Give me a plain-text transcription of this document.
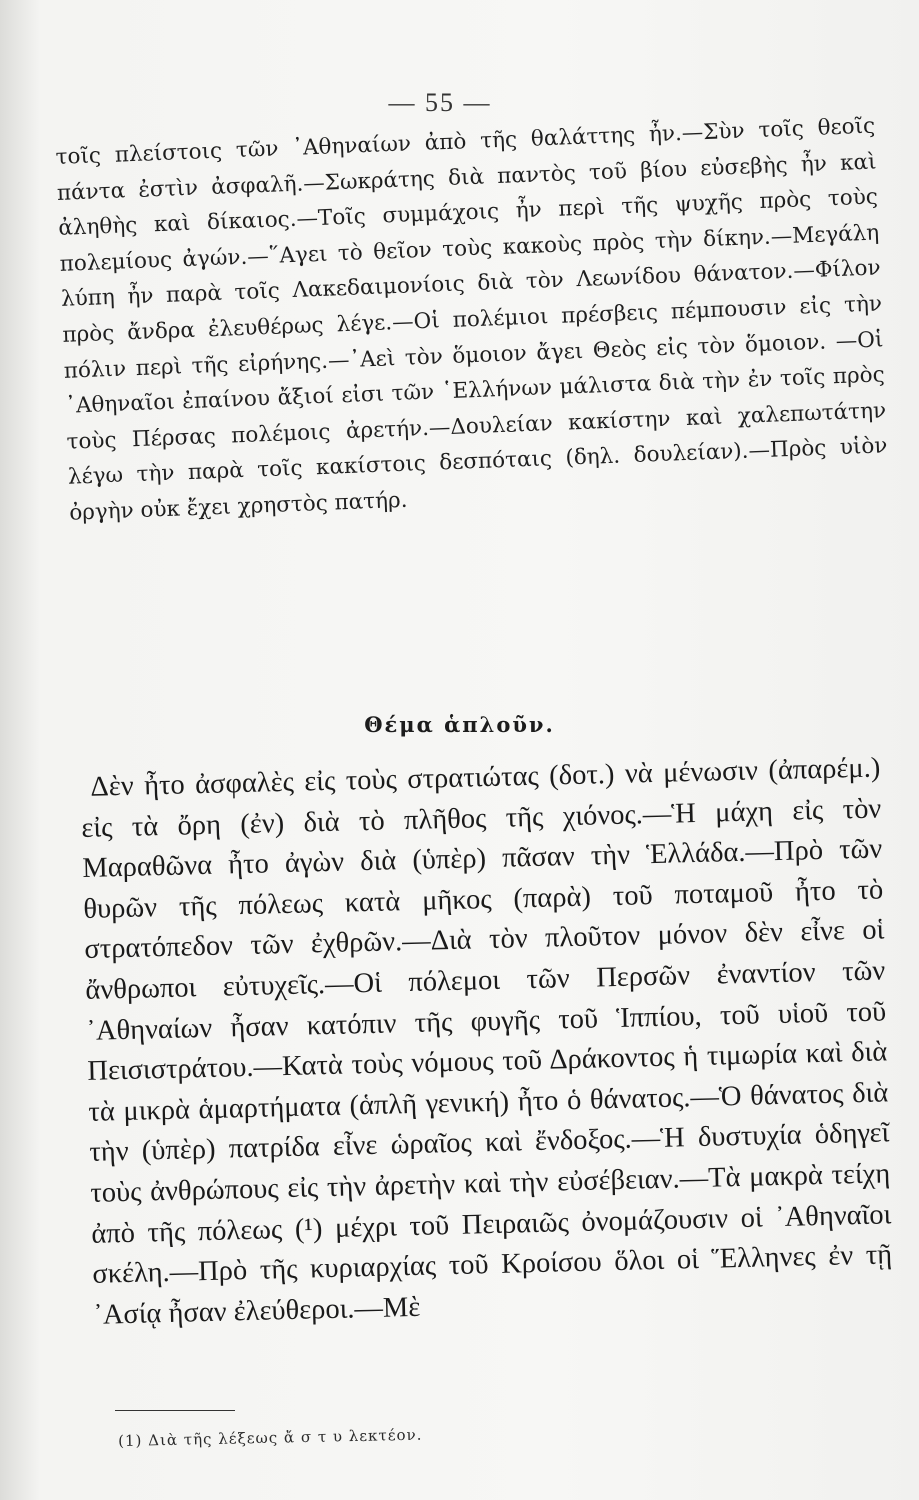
— 55 —

τοῖς πλείστοις τῶν ᾿Αθηναίων ἀπὸ τῆς θαλάττης ἦν.—Σὺν τοῖς θεοῖς πάντα ἐστὶν ἀσφαλῆ.—Σωκράτης διὰ παντὸς τοῦ βίου εὐσεβὴς ἦν καὶ ἀληθὴς καὶ δίκαιος.—Τοῖς συμμάχοις ἦν περὶ τῆς ψυχῆς πρὸς τοὺς πολεμίους ἀγών.—῞Αγει τὸ θεῖον τοὺς κακοὺς πρὸς τὴν δίκην.—Μεγάλη λύπη ἦν παρὰ τοῖς Λακεδαιμονίοις διὰ τὸν Λεωνίδου θάνατον.—Φίλον πρὸς ἄνδρα ἐλευθέρως λέγε.—Οἱ πολέμιοι πρέσβεις πέμπουσιν εἰς τὴν πόλιν περὶ τῆς εἰρήνης.—᾿Αεὶ τὸν ὅμοιον ἄγει Θεὸς εἰς τὸν ὅμοιον. —Οἱ ᾿Αθηναῖοι ἐπαίνου ἄξιοί εἰσι τῶν ῾Ελλήνων μάλιστα διὰ τὴν ἐν τοῖς πρὸς τοὺς Πέρσας πολέμοις ἀρετήν.—Δουλείαν κακίστην καὶ χαλεπωτάτην λέγω τὴν παρὰ τοῖς κακίστοις δεσπόταις (δηλ. δουλείαν).—Πρὸς υἱὸν ὀργὴν οὐκ ἔχει χρηστὸς πατήρ.

Θέμα ἁπλοῦν.

Δὲν ἦτο ἀσφαλὲς εἰς τοὺς στρατιώτας (δοτ.) νὰ μένωσιν (ἀπαρέμ.) εἰς τὰ ὄρη (ἐν) διὰ τὸ πλῆθος τῆς χιόνος.—Ἡ μάχη εἰς τὸν Μαραθῶνα ἦτο ἀγὼν διὰ (ὑπὲρ) πᾶσαν τὴν Ἑλλάδα.—Πρὸ τῶν θυρῶν τῆς πόλεως κατὰ μῆκος (παρὰ) τοῦ ποταμοῦ ἦτο τὸ στρατόπεδον τῶν ἐχθρῶν.—Διὰ τὸν πλοῦτον μόνον δὲν εἶνε οἱ ἄνθρωποι εὐτυχεῖς.—Οἱ πόλεμοι τῶν Περσῶν ἐναντίον τῶν ᾿Αθηναίων ἦσαν κατόπιν τῆς φυγῆς τοῦ Ἱππίου, τοῦ υἱοῦ τοῦ Πεισιστράτου.—Κατὰ τοὺς νόμους τοῦ Δράκοντος ἡ τιμωρία καὶ διὰ τὰ μικρὰ ἁμαρτήματα (ἁπλῆ γενική) ἦτο ὁ θάνατος.—Ὁ θάνατος διὰ τὴν (ὑπὲρ) πατρίδα εἶνε ὡραῖος καὶ ἔνδοξος.—Ἡ δυστυχία ὁδηγεῖ τοὺς ἀνθρώπους εἰς τὴν ἀρετὴν καὶ τὴν εὐσέβειαν.—Τὰ μακρὰ τείχη ἀπὸ τῆς πόλεως (¹) μέχρι τοῦ Πειραιῶς ὀνομάζουσιν οἱ ᾿Αθηναῖοι σκέλη.—Πρὸ τῆς κυριαρχίας τοῦ Κροίσου ὅλοι οἱ Ἕλληνες ἐν τῇ ᾿Ασίᾳ ἦσαν ἐλεύθεροι.—Μὲ

(1) Διὰ τῆς λέξεως ἄ σ τ υ λεκτέον.
